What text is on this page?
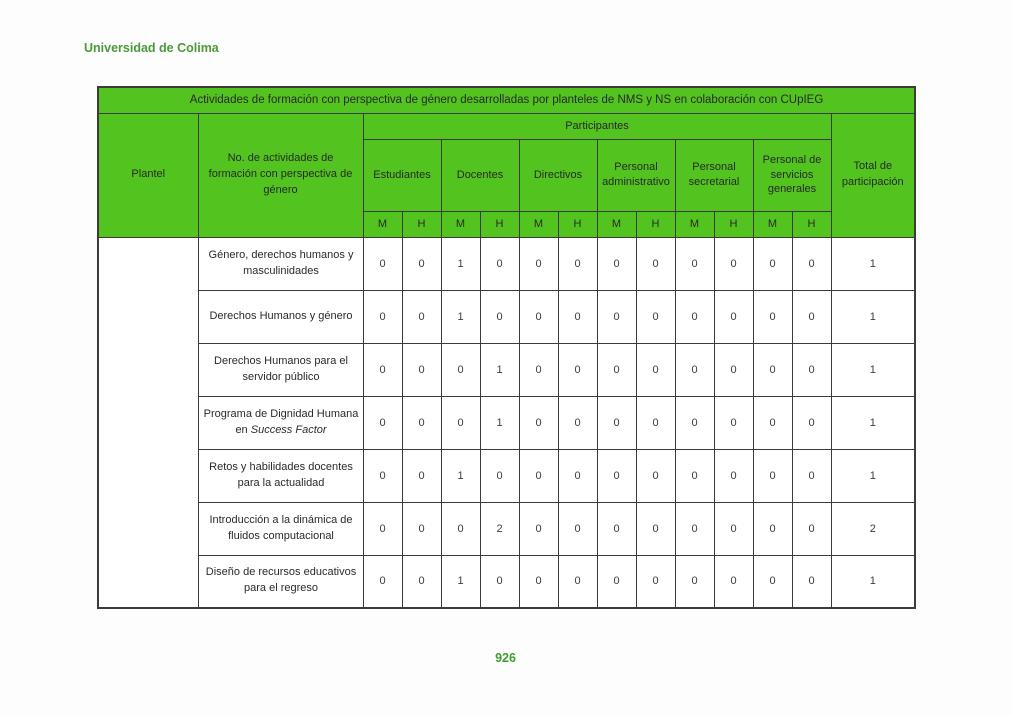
Universidad de Colima
Actividades de formación con perspectiva de género desarrolladas por planteles de NMS y NS en colaboración con CUpIEG														
Plantel	No. de actividades de formación con perspectiva de género	Participantes												Total de participación
		Estudiantes		Docentes		Directivos		Personal administrativo		Personal secretarial		Personal de servicios generales		
		M	H	M	H	M	H	M	H	M	H	M	H	
	Género, derechos humanos y masculinidades	0	0	1	0	0	0	0	0	0	0	0	0	1
	Derechos Humanos y género	0	0	1	0	0	0	0	0	0	0	0	0	1
	Derechos Humanos para el servidor público	0	0	0	1	0	0	0	0	0	0	0	0	1
	Programa de Dignidad Humana en Success Factor	0	0	0	1	0	0	0	0	0	0	0	0	1
	Retos y habilidades docentes para la actualidad	0	0	1	0	0	0	0	0	0	0	0	0	1
	Introducción a la dinámica de fluidos computacional	0	0	0	2	0	0	0	0	0	0	0	0	2
	Diseño de recursos educativos para el regreso	0	0	1	0	0	0	0	0	0	0	0	0	1
926
